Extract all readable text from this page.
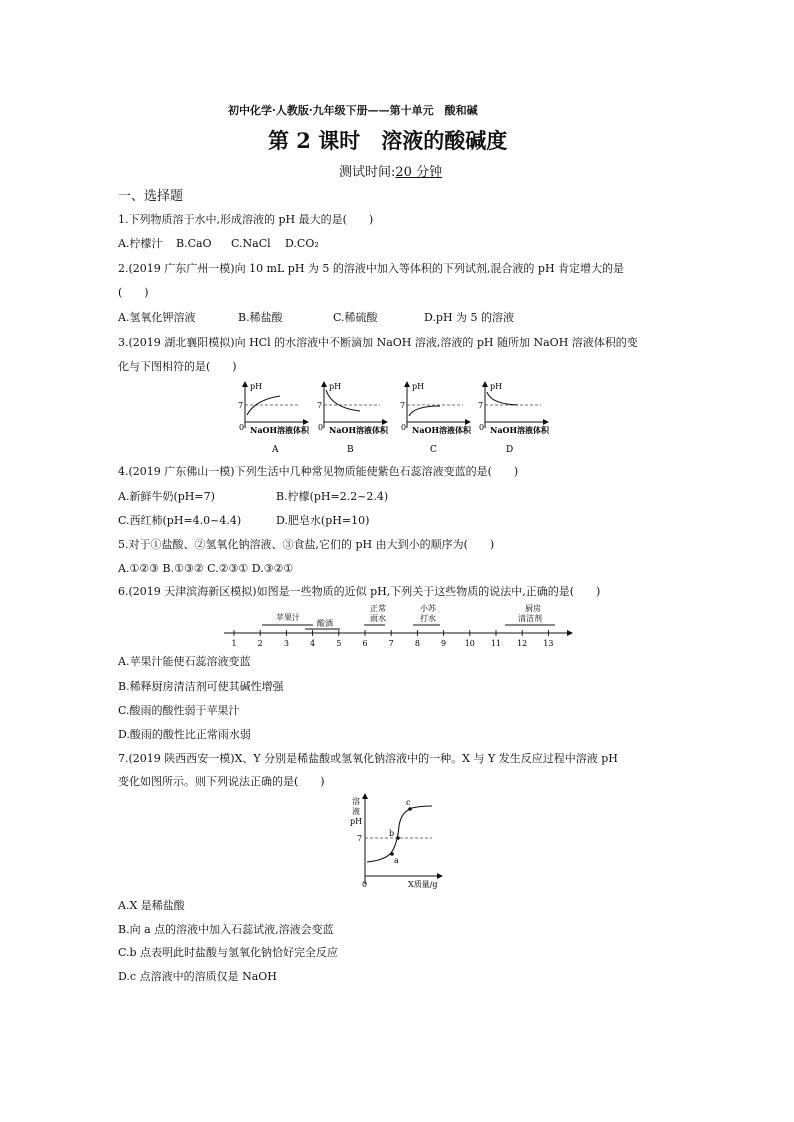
初中化学·人教版·九年级下册——第十单元　酸和碱
第 2 课时　溶液的酸碱度
测试时间:20 分钟
一、选择题
1.下列物质溶于水中,形成溶液的 pH 最大的是(　　)
A.柠檬汁 B.CaO C.NaCl D.CO₂
2.(2019 广东广州一模)向 10 mL pH 为 5 的溶液中加入等体积的下列试剂,混合液的 pH 肯定增大的是
(　　)
A.氢氧化钾溶液	B.稀盐酸	C.稀硫酸	D.pH 为 5 的溶液
3.(2019 湖北襄阳模拟)向 HCl 的水溶液中不断滴加 NaOH 溶液,溶液的 pH 随所加 NaOH 溶液体积的变
化与下图相符的是(　　)
pH
7
0 NaOH溶液体积
A
pH
7
0 NaOH溶液体积
B
pH
7
0 NaOH溶液体积
C
pH
7
0 NaOH溶液体积
D
4.(2019 广东佛山一模)下列生活中几种常见物质能使紫色石蕊溶液变蓝的是(　　)
A.新鲜牛奶(pH=7)	B.柠檬(pH=2.2~2.4)
C.西红柿(pH=4.0~4.4)	D.肥皂水(pH=10)
5.对于①盐酸、②氢氧化钠溶液、③食盐,它们的 pH 由大到小的顺序为(　　)
A.①②③ B.①③② C.②③① D.③②①
6.(2019 天津滨海新区模拟)如图是一些物质的近似 pH,下列关于这些物质的说法中,正确的是(　　)
1	2	3	4	5	6	7	8	9 10 11 12 13
苹果汁
酸酒
正常
雨水
小苏
打水
厨房
清洁剂
A.苹果汁能使石蕊溶液变蓝
B.稀释厨房清洁剂可使其碱性增强
C.酸雨的酸性弱于苹果汁
D.酸雨的酸性比正常雨水弱
7.(2019 陕西西安一模)X、Y 分别是稀盐酸或氢氧化钠溶液中的一种。X 与 Y 发生反应过程中溶液 pH
变化如图所示。则下列说法正确的是(　　)
溶
液
pH
7
0	X质量/g
a
b
c
A.X 是稀盐酸
B.向 a 点的溶液中加入石蕊试液,溶液会变蓝
C.b 点表明此时盐酸与氢氧化钠恰好完全反应
D.c 点溶液中的溶质仅是 NaOH
